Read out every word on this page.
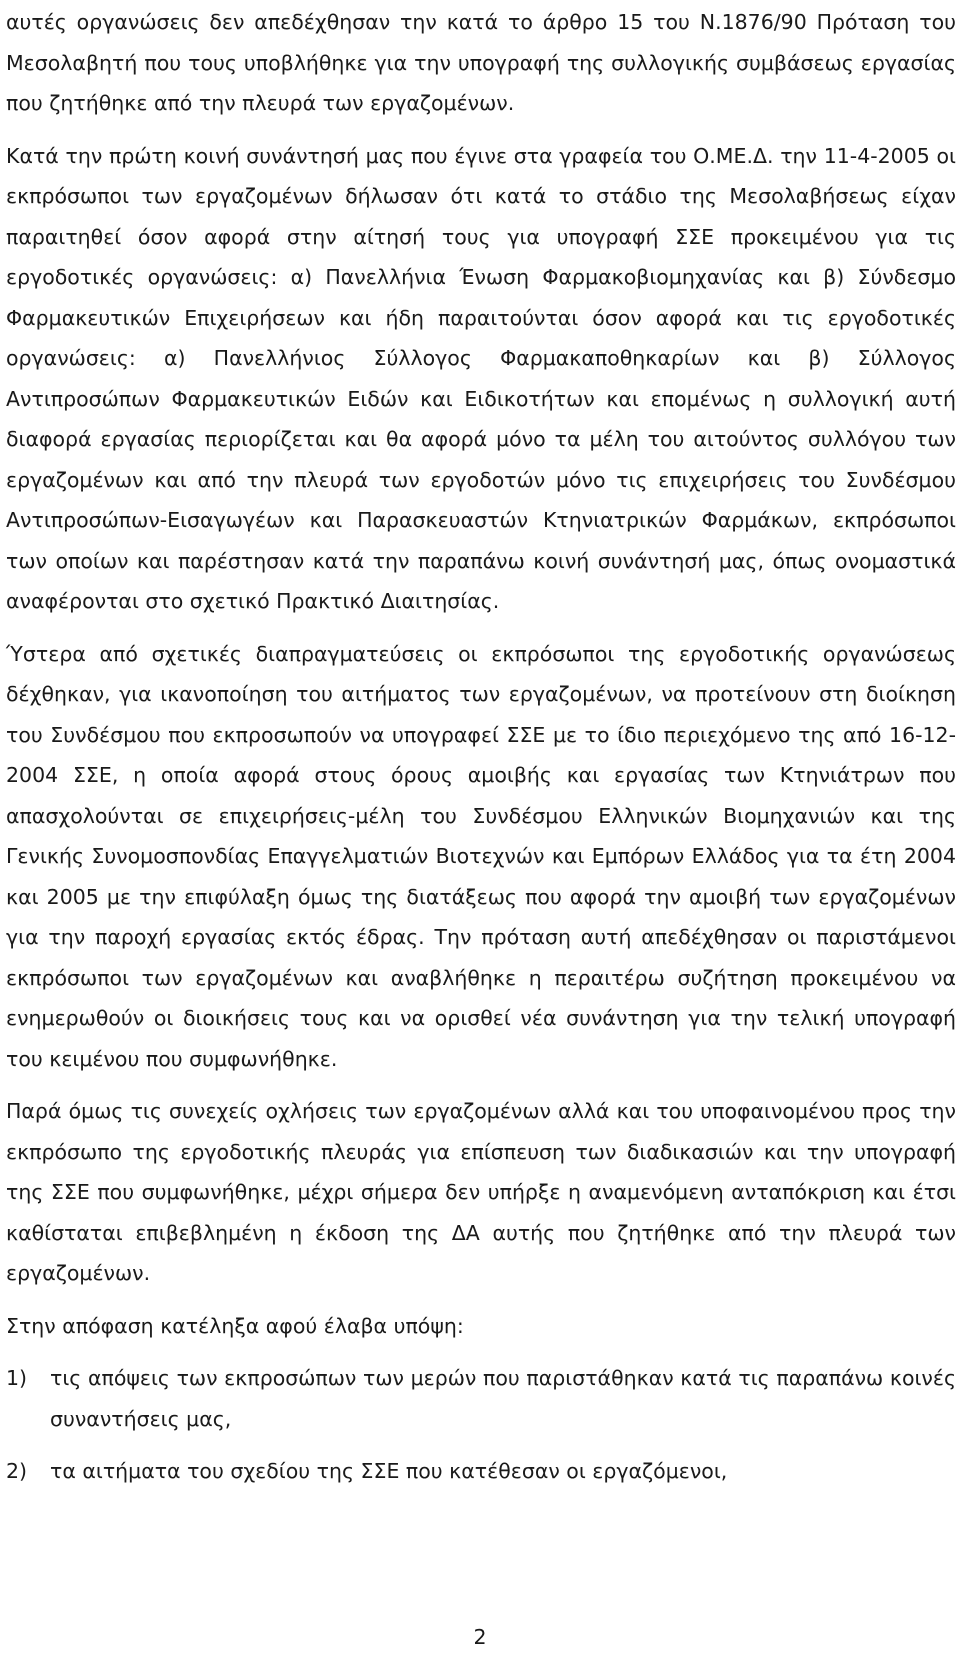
αυτές οργανώσεις δεν απεδέχθησαν την κατά το άρθρο 15 του Ν.1876/90 Πρόταση του Μεσολαβητή που τους υποβλήθηκε για την υπογραφή της συλλογικής συμβάσεως εργασίας που ζητήθηκε από την πλευρά των εργαζομένων.

Κατά την πρώτη κοινή συνάντησή μας που έγινε στα γραφεία του Ο.ΜΕ.Δ. την 11-4-2005 οι εκπρόσωποι των εργαζομένων δήλωσαν ότι κατά το στάδιο της Μεσολαβήσεως είχαν παραιτηθεί όσον αφορά στην αίτησή τους για υπογραφή ΣΣΕ προκειμένου για τις εργοδοτικές οργανώσεις: α) Πανελλήνια Ένωση Φαρμακοβιομηχανίας και β) Σύνδεσμο Φαρμακευτικών Επιχειρήσεων και ήδη παραιτούνται όσον αφορά και τις εργοδοτικές οργανώσεις: α) Πανελλήνιος Σύλλογος Φαρμακαποθηκαρίων και β) Σύλλογος Αντιπροσώπων Φαρμακευτικών Ειδών και Ειδικοτήτων και επομένως η συλλογική αυτή διαφορά εργασίας περιορίζεται και θα αφορά μόνο τα μέλη του αιτούντος συλλόγου των εργαζομένων και από την πλευρά των εργοδοτών μόνο τις επιχειρήσεις του Συνδέσμου Αντιπροσώπων-Εισαγωγέων και Παρασκευαστών Κτηνιατρικών Φαρμάκων, εκπρόσωποι των οποίων και παρέστησαν κατά την παραπάνω κοινή συνάντησή μας, όπως ονομαστικά αναφέρονται στο σχετικό Πρακτικό Διαιτησίας.

Ύστερα από σχετικές διαπραγματεύσεις οι εκπρόσωποι της εργοδοτικής οργανώσεως δέχθηκαν, για ικανοποίηση του αιτήματος των εργαζομένων, να προτείνουν στη διοίκηση του Συνδέσμου που εκπροσωπούν να υπογραφεί ΣΣΕ με το ίδιο περιεχόμενο της από 16-12-2004 ΣΣΕ, η οποία αφορά στους όρους αμοιβής και εργασίας των Κτηνιάτρων που απασχολούνται σε επιχειρήσεις-μέλη του Συνδέσμου Ελληνικών Βιομηχανιών και της Γενικής Συνομοσπονδίας Επαγγελματιών Βιοτεχνών και Εμπόρων Ελλάδος για τα έτη 2004 και 2005 με την επιφύλαξη όμως της διατάξεως που αφορά την αμοιβή των εργαζομένων για την παροχή εργασίας εκτός έδρας. Την πρόταση αυτή απεδέχθησαν οι παριστάμενοι εκπρόσωποι των εργαζομένων και αναβλήθηκε η περαιτέρω συζήτηση προκειμένου να ενημερωθούν οι διοικήσεις τους και να ορισθεί νέα συνάντηση για την τελική υπογραφή του κειμένου που συμφωνήθηκε.

Παρά όμως τις συνεχείς οχλήσεις των εργαζομένων αλλά και του υποφαινομένου προς την εκπρόσωπο της εργοδοτικής πλευράς για επίσπευση των διαδικασιών και την υπογραφή της ΣΣΕ που συμφωνήθηκε, μέχρι σήμερα δεν υπήρξε η αναμενόμενη ανταπόκριση και έτσι καθίσταται επιβεβλημένη η έκδοση της ΔΑ αυτής που ζητήθηκε από την πλευρά των εργαζομένων.

Στην απόφαση κατέληξα αφού έλαβα υπόψη:

1)	τις απόψεις των εκπροσώπων των μερών που παριστάθηκαν κατά τις παραπάνω κοινές συναντήσεις μας,
2)	τα αιτήματα του σχεδίου της ΣΣΕ που κατέθεσαν οι εργαζόμενοι,
2
